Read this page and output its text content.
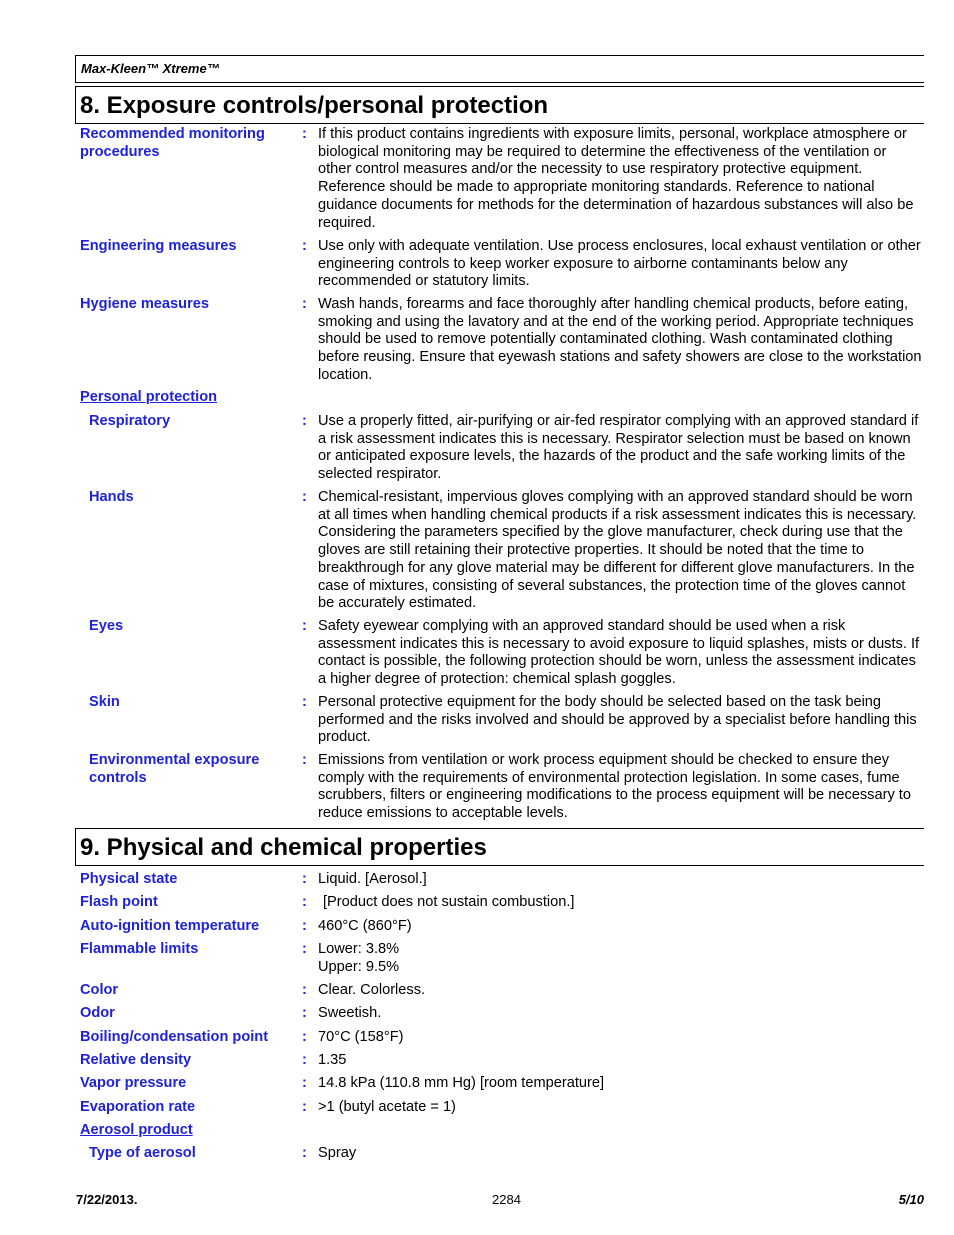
Max-Kleen™ Xtreme™
8. Exposure controls/personal protection
Recommended monitoring procedures
: If this product contains ingredients with exposure limits, personal, workplace atmosphere or biological monitoring may be required to determine the effectiveness of the ventilation or other control measures and/or the necessity to use respiratory protective equipment. Reference should be made to appropriate monitoring standards. Reference to national guidance documents for methods for the determination of hazardous substances will also be required.
Engineering measures	: Use only with adequate ventilation. Use process enclosures, local exhaust ventilation or other engineering controls to keep worker exposure to airborne contaminants below any recommended or statutory limits.
Hygiene measures	: Wash hands, forearms and face thoroughly after handling chemical products, before eating, smoking and using the lavatory and at the end of the working period. Appropriate techniques should be used to remove potentially contaminated clothing. Wash contaminated clothing before reusing. Ensure that eyewash stations and safety showers are close to the workstation location.
Personal protection
Respiratory	: Use a properly fitted, air-purifying or air-fed respirator complying with an approved standard if a risk assessment indicates this is necessary. Respirator selection must be based on known or anticipated exposure levels, the hazards of the product and the safe working limits of the selected respirator.
Hands	: Chemical-resistant, impervious gloves complying with an approved standard should be worn at all times when handling chemical products if a risk assessment indicates this is necessary. Considering the parameters specified by the glove manufacturer, check during use that the gloves are still retaining their protective properties. It should be noted that the time to breakthrough for any glove material may be different for different glove manufacturers. In the case of mixtures, consisting of several substances, the protection time of the gloves cannot be accurately estimated.
Eyes	: Safety eyewear complying with an approved standard should be used when a risk assessment indicates this is necessary to avoid exposure to liquid splashes, mists or dusts. If contact is possible, the following protection should be worn, unless the assessment indicates a higher degree of protection: chemical splash goggles.
Skin	: Personal protective equipment for the body should be selected based on the task being performed and the risks involved and should be approved by a specialist before handling this product.
Environmental exposure controls
: Emissions from ventilation or work process equipment should be checked to ensure they comply with the requirements of environmental protection legislation. In some cases, fume scrubbers, filters or engineering modifications to the process equipment will be necessary to reduce emissions to acceptable levels.
9. Physical and chemical properties
Physical state	: Liquid. [Aerosol.]
Flash point	: [Product does not sustain combustion.]
Auto-ignition temperature	: 460°C (860°F)
Flammable limits	: Lower: 3.8%
Upper: 9.5%
Color	: Clear. Colorless.
Odor	: Sweetish.
Boiling/condensation point	: 70°C (158°F)
Relative density	: 1.35
Vapor pressure	: 14.8 kPa (110.8 mm Hg) [room temperature]
Evaporation rate	: >1 (butyl acetate = 1)
Aerosol product
Type of aerosol	: Spray
7/22/2013.	2284	5/10
